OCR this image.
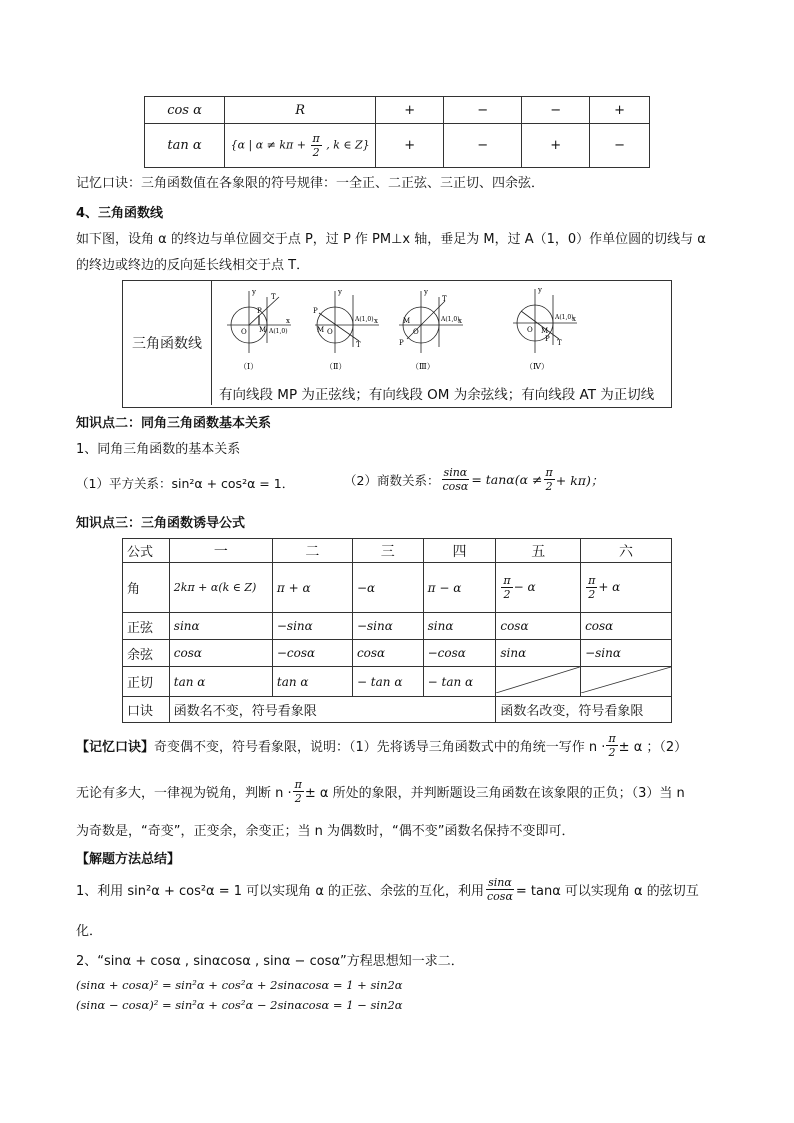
cos α	R	+	−	−	+
tan α	{α | $\alpha \ne k\pi + \frac{\pi}{2}$ , k ∈ Z}	+	−	+	−
记忆口诀：三角函数值在各象限的符号规律：一全正、二正弦、三正切、四余弦．
4、三角函数线
如下图，设角 α 的终边与单位圆交于点 P，过 P 作 PM⊥x 轴，垂足为 M，过 A（1，0）作单位圆的切线与 α
的终边或终边的反向延长线相交于点 T．
三角函数线
O M
P
T
A(1,0)
x
y
（Ⅰ）
O
M
P
T
A(1,0) x
y
（Ⅱ）
O
M
P
T
A(1,0)
x
y
（Ⅲ）
O M
P T
A(1,0)
x
y
（Ⅳ）
有向线段 MP 为正弦线；有向线段 OM 为余弦线；有向线段 AT 为正切线
知识点二：同角三角函数基本关系
1、同角三角函数的基本关系
（1）平方关系：sin²α + cos²α = 1．	（2）商数关系： $\frac{\sin\alpha}{\cos\alpha} = \tan\alpha(\alpha \ne \frac{\pi}{2} + k\pi)$；
知识点三：三角函数诱导公式
公式	一	二	三	四	五	六
角	2kπ + α(k ∈ Z)	π + α	−α	π − α	$\frac{\pi}{2} - \alpha$	$\frac{\pi}{2} + \alpha$
正弦	sinα	−sinα	−sinα	sinα	cosα	cosα
余弦	cosα	−cosα	cosα	−cosα	sinα	−sinα
正切	tan α	tan α	− tan α	− tan α		
口诀	函数名不变，符号看象限				函数名改变，符号看象限	
【记忆口诀】 奇变偶不变，符号看象限，说明：（1）先将诱导三角函数式中的角统一写作 $n \cdot \frac{\pi}{2} \pm \alpha$ ；（2）
无论有多大，一律视为锐角，判断 $n \cdot \frac{\pi}{2} \pm \alpha$ 所处的象限，并判断题设三角函数在该象限的正负；（3）当 n
为奇数是，“奇变”，正变余，余变正；当 n 为偶数时，“偶不变”函数名保持不变即可．
【解题方法总结】
1、利用 sin²α + cos²α = 1 可以实现角 α 的正弦、余弦的互化，利用 $\frac{\sin\alpha}{\cos\alpha} = \tan\alpha$ 可以实现角 α 的弦切互
化．
2、“sinα + cosα , sinαcosα , sinα − cosα”方程思想知一求二．
(sinα + cosα)² = sin²α + cos²α + 2sinαcosα = 1 + sin2α
(sinα − cosα)² = sin²α + cos²α − 2sinαcosα = 1 − sin2α
